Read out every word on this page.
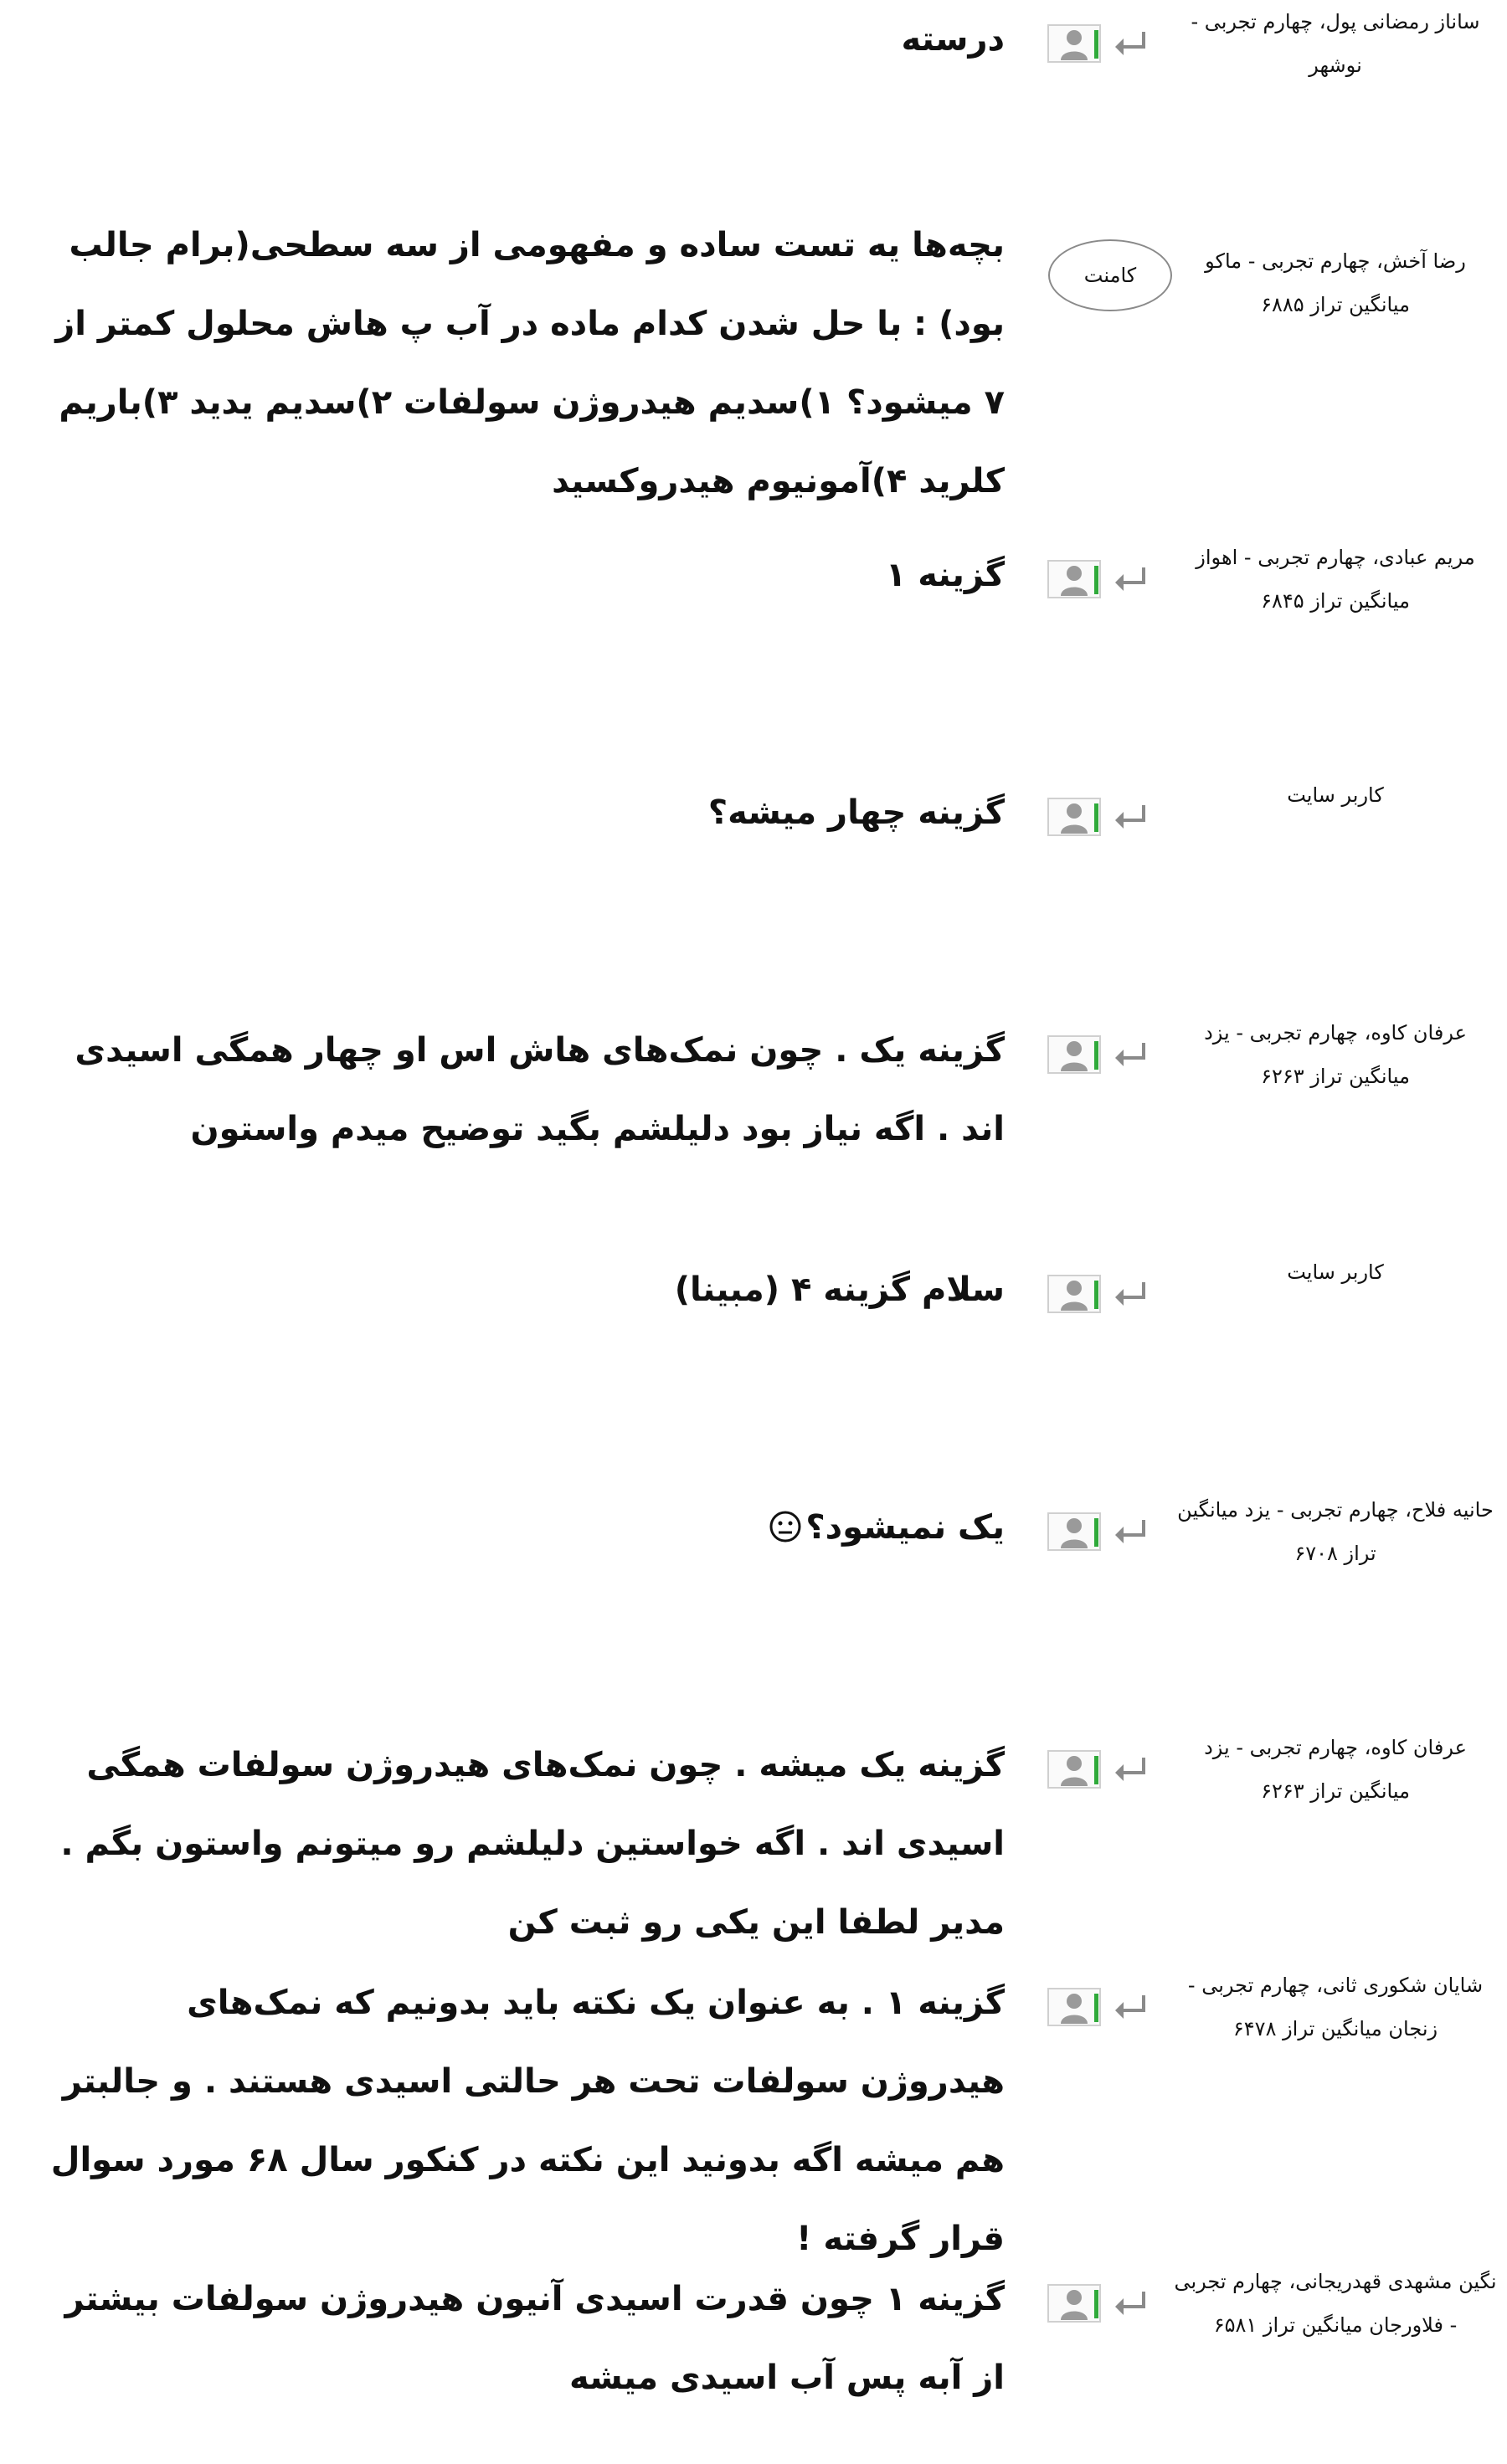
ساناز رمضانی پول، چهارم تجربی - نوشهر
درسته
رضا آخش، چهارم تجربی - ماکومیانگین تراز ۶۸۸۵
کامنت
بچه‌ها یه تست ساده و مفهومی از سه سطحی(برام جالب بود) : با حل شدن کدام ماده در آب پ هاش محلول کمتر از ۷ میشود؟ ۱)سدیم هیدروژن سولفات ۲)سدیم یدید ۳)باریم کلرید ۴)آمونیوم هیدروکسید
مریم عبادی، چهارم تجربی - اهوازمیانگین تراز ۶۸۴۵
گزینه ۱
کاربر سایت
گزینه چهار میشه؟
عرفان کاوه، چهارم تجربی - یزدمیانگین تراز ۶۲۶۳
گزینه یک . چون نمک‌های هاش اس او چهار همگی اسیدی اند . اگه نیاز بود دلیلشم بگید توضیح میدم واستون
کاربر سایت
سلام گزینه ۴ (مبینا)
حانیه فلاح، چهارم تجربی - یزدمیانگین تراز ۶۷۰۸
یک نمیشود؟
عرفان کاوه، چهارم تجربی - یزدمیانگین تراز ۶۲۶۳
گزینه یک میشه . چون نمک‌های هیدروژن سولفات همگی اسیدی اند . اگه خواستین دلیلشم رو میتونم واستون بگم . مدیر لطفا این یکی رو ثبت کن
شایان شکوری ثانی، چهارم تجربی - زنجانمیانگین تراز ۶۴۷۸
گزینه ۱ . به عنوان یک نکته باید بدونیم که نمک‌های هیدروژن سولفات تحت هر حالتی اسیدی هستند . و جالبتر هم میشه اگه بدونید این نکته در کنکور سال ۶۸ مورد سوال قرار گرفته !
نگین مشهدی قهدریجانی، چهارم تجربی - فلاورجانمیانگین تراز ۶۵۸۱
گزینه ۱ چون قدرت اسیدی آنیون هیدروژن سولفات بیشتر از آبه پس آب اسیدی میشه
